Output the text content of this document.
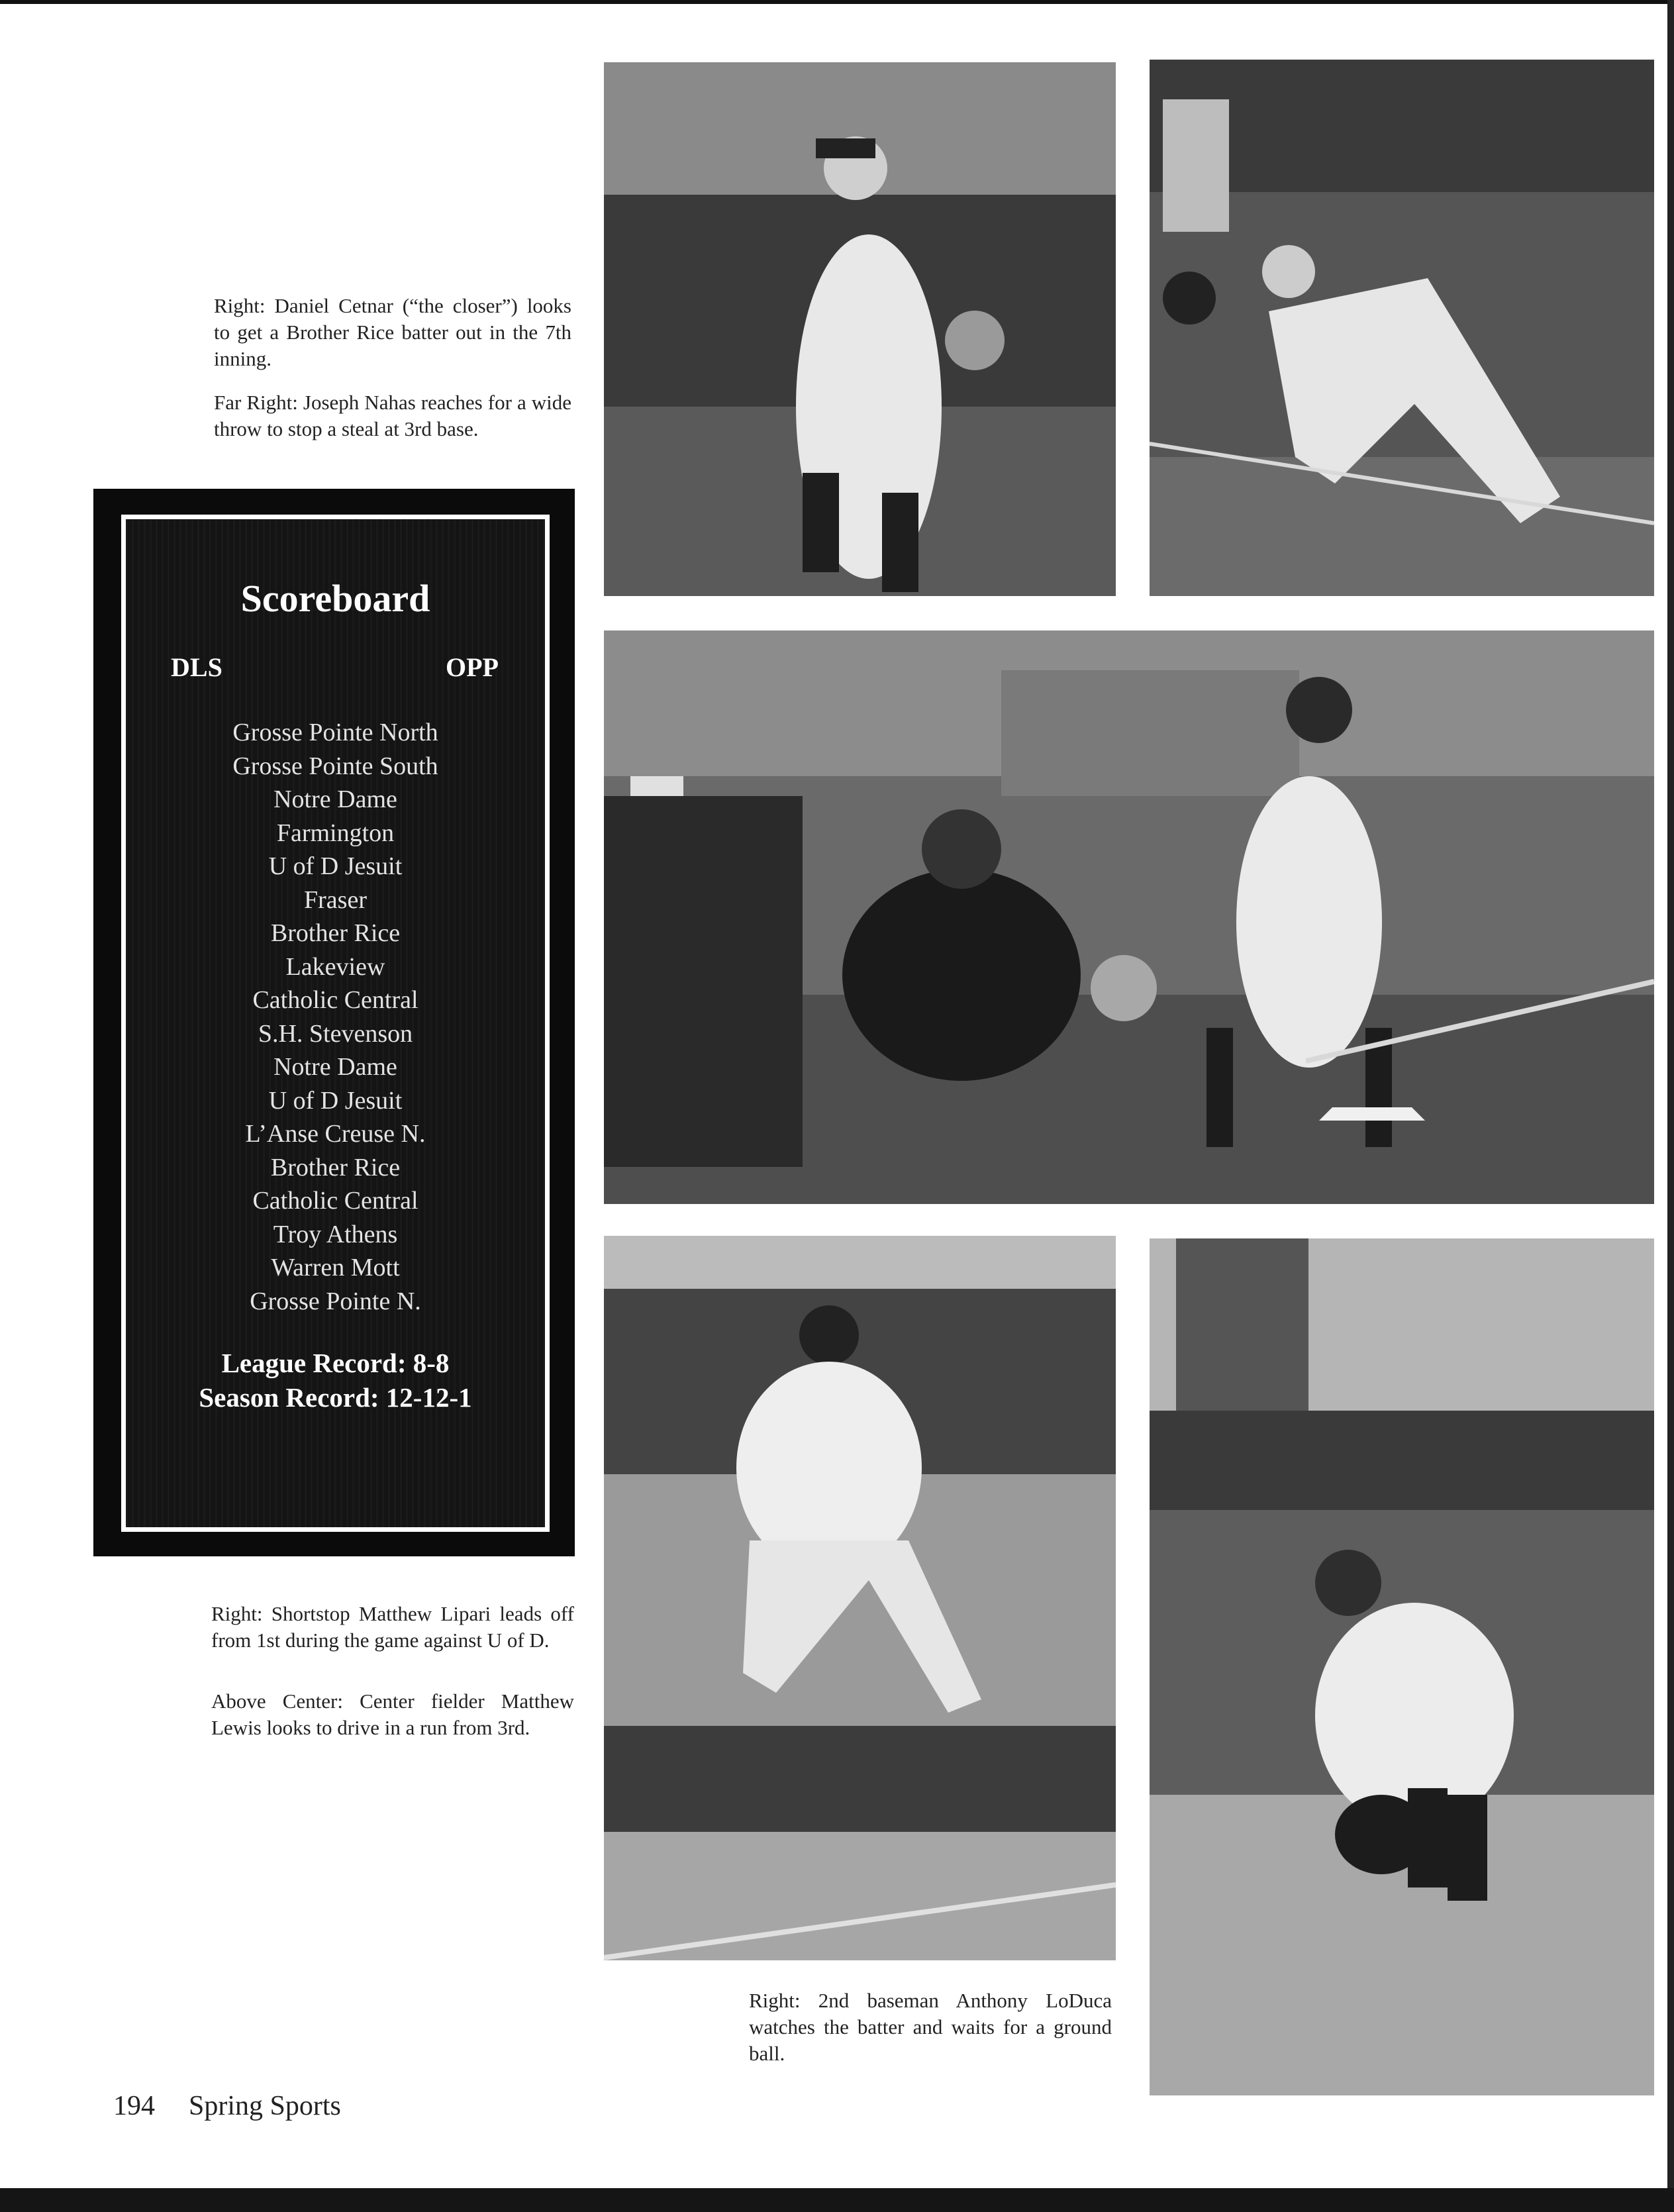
Right: Daniel Cetnar (“the closer”) looks to get a Brother Rice batter out in the 7th inning.

Far Right: Joseph Nahas reaches for a wide throw to stop a steal at 3rd base.

Scoreboard
DLS	OPP
Grosse Pointe North
Grosse Pointe South
Notre Dame
Farmington
U of D Jesuit
Fraser
Brother Rice
Lakeview
Catholic Central
S.H. Stevenson
Notre Dame
U of D Jesuit
L’Anse Creuse N.
Brother Rice
Catholic Central
Troy Athens
Warren Mott
Grosse Pointe N.
League Record: 8-8
Season Record: 12-12-1

Right: Shortstop Matthew Lipari leads off from 1st during the game against U of D.

Above Center: Center fielder Matthew Lewis looks to drive in a run from 3rd.

Right: 2nd baseman Anthony LoDuca watches the batter and waits for a ground ball.

194 Spring Sports
